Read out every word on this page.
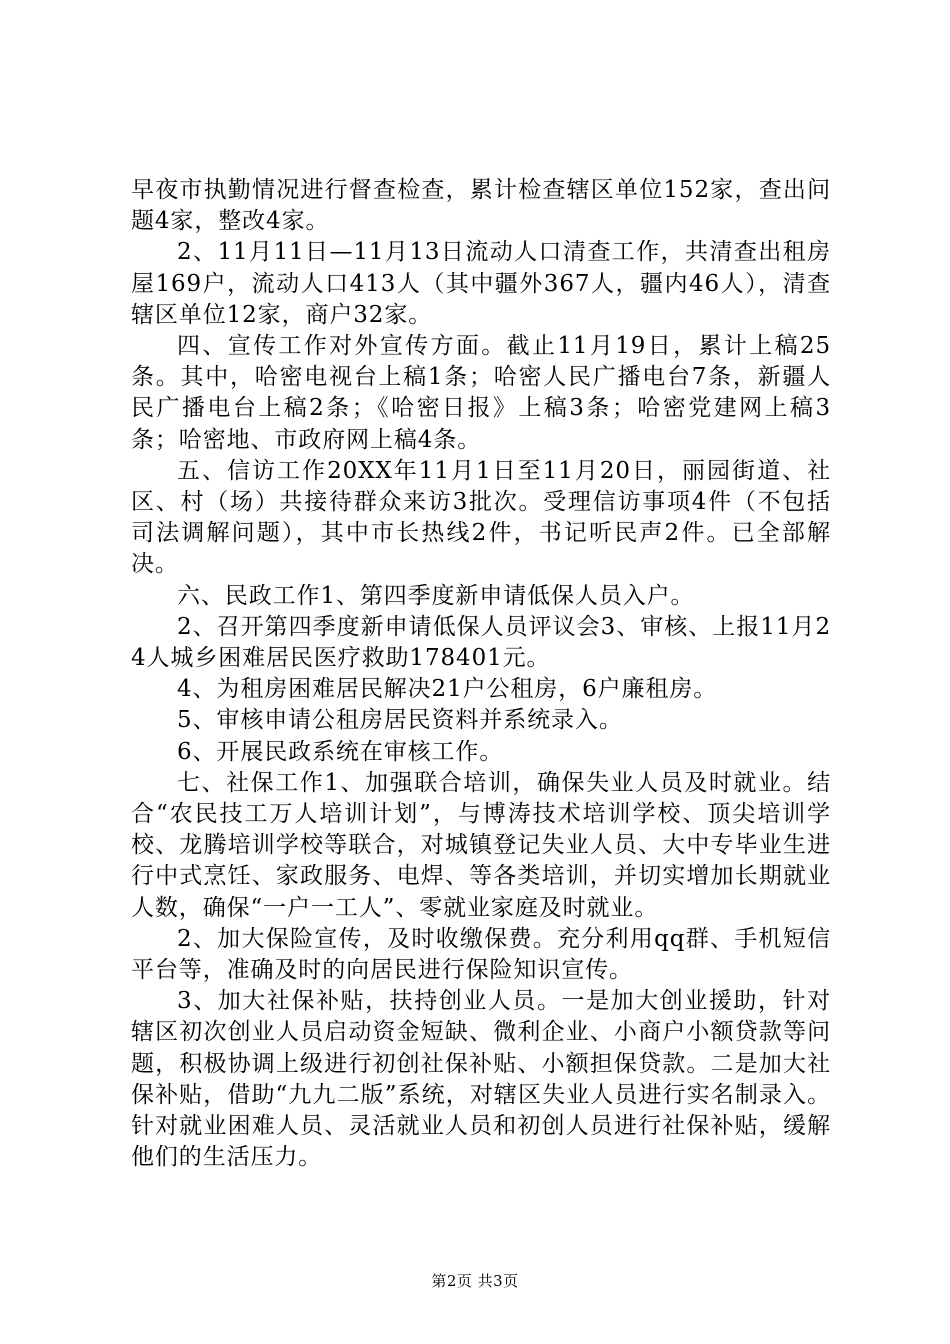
早夜市执勤情况进行督查检查，累计检查辖区单位152家，查出问题4家，整改4家。

2、11月11日—11月13日流动人口清查工作，共清查出租房屋169户，流动人口413人（其中疆外367人，疆内46人），清查辖区单位12家，商户32家。

四、宣传工作对外宣传方面。截止11月19日，累计上稿25条。其中，哈密电视台上稿1条；哈密人民广播电台7条，新疆人民广播电台上稿2条；《哈密日报》上稿3条；哈密党建网上稿3条；哈密地、市政府网上稿4条。

五、信访工作20XX年11月1日至11月20日，丽园街道、社区、村（场）共接待群众来访3批次。受理信访事项4件（不包括司法调解问题），其中市长热线2件，书记听民声2件。已全部解决。

六、民政工作1、第四季度新申请低保人员入户。

2、召开第四季度新申请低保人员评议会3、审核、上报11月24人城乡困难居民医疗救助178401元。

4、为租房困难居民解决21户公租房，6户廉租房。

5、审核申请公租房居民资料并系统录入。

6、开展民政系统在审核工作。

七、社保工作1、加强联合培训，确保失业人员及时就业。结合“农民技工万人培训计划”，与博涛技术培训学校、顶尖培训学校、龙腾培训学校等联合，对城镇登记失业人员、大中专毕业生进行中式烹饪、家政服务、电焊、等各类培训，并切实增加长期就业人数，确保“一户一工人”、零就业家庭及时就业。

2、加大保险宣传，及时收缴保费。充分利用qq群、手机短信平台等，准确及时的向居民进行保险知识宣传。

3、加大社保补贴，扶持创业人员。一是加大创业援助，针对辖区初次创业人员启动资金短缺、微利企业、小商户小额贷款等问题，积极协调上级进行初创社保补贴、小额担保贷款。二是加大社保补贴，借助“九九二版”系统，对辖区失业人员进行实名制录入。针对就业困难人员、灵活就业人员和初创人员进行社保补贴，缓解他们的生活压力。

第2页 共3页
